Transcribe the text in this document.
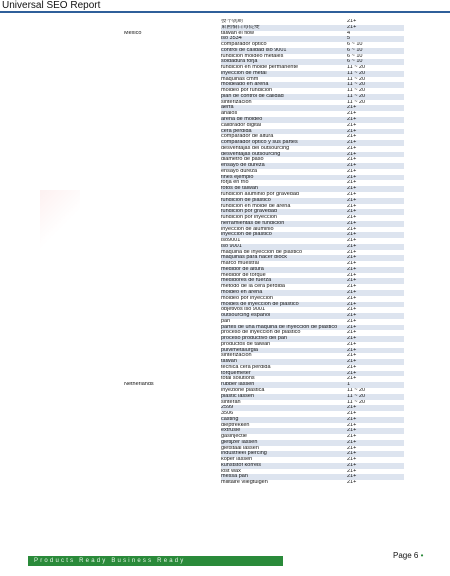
Universal SEO Report
	發不就啲	21+
	東國橋白毒從變	21+
Mexico	taiwan el flow	4
	iso 3534	5
	comparador optico	6 ~ 10
	control de calidad iso 9001	6 ~ 10
	fundicion moldeo metales	6 ~ 10
	soldadura forja	6 ~ 10
	fundicion en molde permanente	11 ~ 20
	inyeccion de metal	11 ~ 20
	maquinas cmm	11 ~ 20
	moldeado en arena	11 ~ 20
	moldeo por fundicion	11 ~ 20
	plan de control de calidad	11 ~ 20
	sinterizacion	11 ~ 20
	aerfa	21+
	analos	21+
	arena de moldeo	21+
	calibrador digital	21+
	cera perdida	21+
	comparador de altura	21+
	comparador optico y sus partes	21+
	desventajas del outsourcing	21+
	desventajas outsourcing	21+
	diametro de paso	21+
	ensayo de dureza	21+
	ensayo dureza	21+
	fines ejemplo	21+
	forja en frio	21+
	fotos de taiwan	21+
	fundicion aluminio por gravedad	21+
	fundicion de plastico	21+
	fundicion en molde de arena	21+
	fundicion por gravedad	21+
	fundicion por inyeccion	21+
	herramientas de fundicion	21+
	inyeccion de aluminio	21+
	inyeccion de plastico	21+
	iso9001	21+
	iso 9001	21+
	maquina de inyeccion de plastico	21+
	maquinas para hacer block	21+
	marco muestral	21+
	medidor de altura	21+
	medidor de torque	21+
	medidores de fuerza	21+
	metodo de la cera perdida	21+
	moldeo en arena	21+
	moldeo por inyeccion	21+
	moldes de inyeccion de plastico	21+
	objetivos iso 9001	21+
	outsourcing español	21+
	pan	21+
	partes de una maquina de inyeccion de plastico	21+
	proceso de inyeccion de plastico	21+
	proceso productivo del pan	21+
	productos de taiwan	21+
	pulvimetalurgia	21+
	sinterizacion	21+
	taiwan	21+
	tecnica cera perdida	21+
	torquemeter	21+
	total solutions	21+
Netherlands	rubber lassen	1
	inyezione plastica	11 ~ 20
	plastic lassen	11 ~ 20
	sinteran	11 ~ 20
	2599	21+
	3506	21+
	casting	21+
	dieptrekken	21+
	extrusie	21+
	gasinjectie	21+
	gietijzer lassen	21+
	gietstaal lassen	21+
	industrieel piercing	21+
	koper lassen	21+
	kunststof korrels	21+
	lost wax	21+
	messa pan	21+
	militaire vliegtuigen	21+
Products Ready Business Ready
Page 6 •
